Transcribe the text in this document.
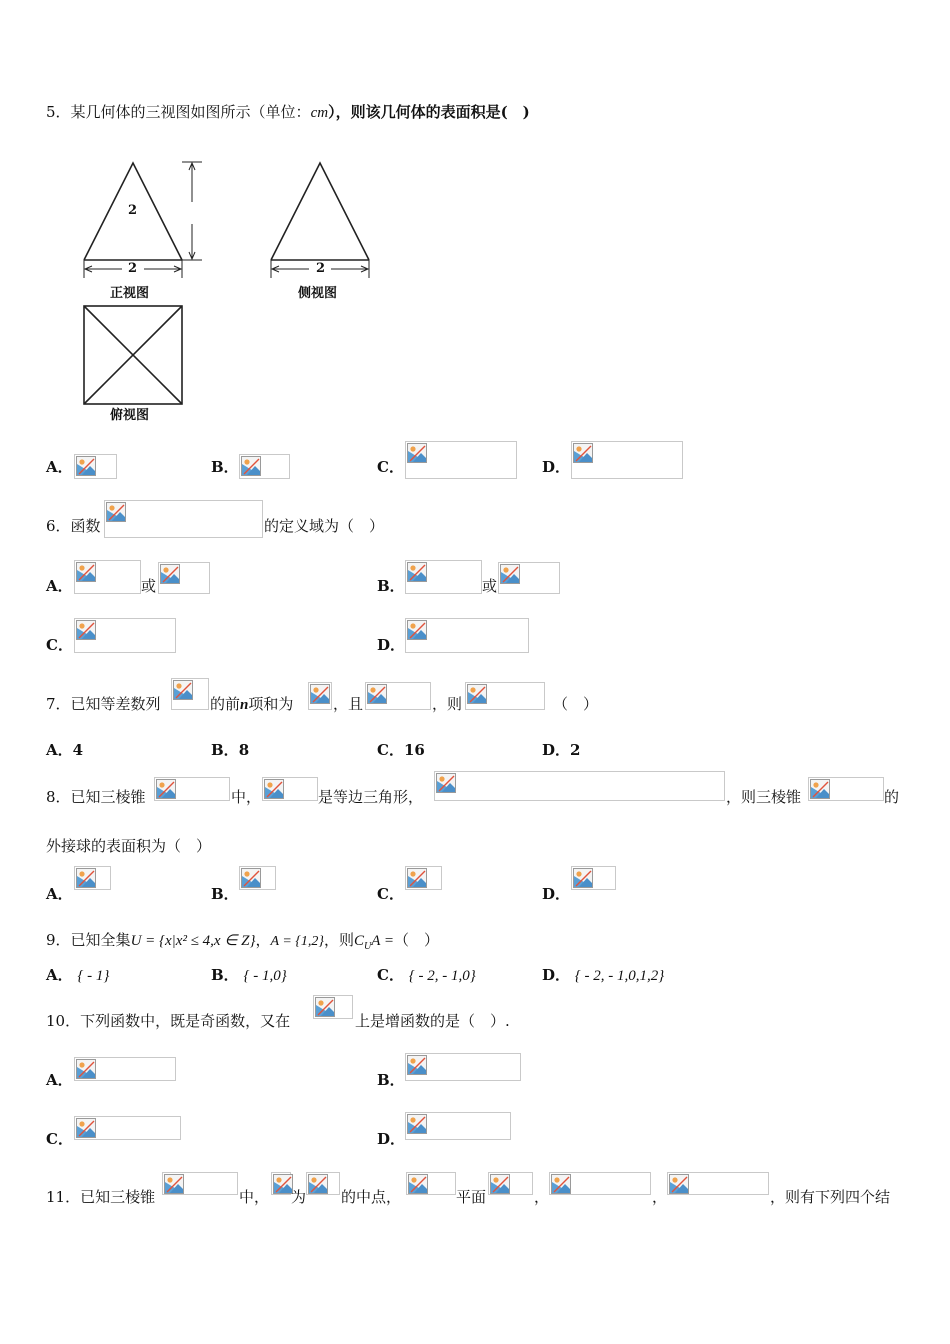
5．某几何体的三视图如图所示（单位：cm），则该几何体的表面积是(　)
2
2	2
正视图	侧视图
俯视图
A．	B．	C．	D．
6．函数	的定义域为（　）
A．	或	B．	或
C．	D．
7．已知等差数列	的前n项和为	，且	，则	（　）
A．4	B．8	C．16	D．2
8．已知三棱锥	中，	是等边三角形，	，则三棱锥	的
外接球的表面积为（　）
A．	B．	C．	D．
9．已知全集U = {x|x² ≤ 4,x ∈ Z}，A = {1,2}，则$C_UA$ =（　）
A． { - 1}	B． { - 1,0}	C． { - 2, - 1,0}	D． { - 2, - 1,0,1,2}
10．下列函数中，既是奇函数，又在	上是增函数的是（　）.
A．	B．
C．	D．
11．已知三棱锥	中， 为 的中点，	平面	，	，	，则有下列四个结
